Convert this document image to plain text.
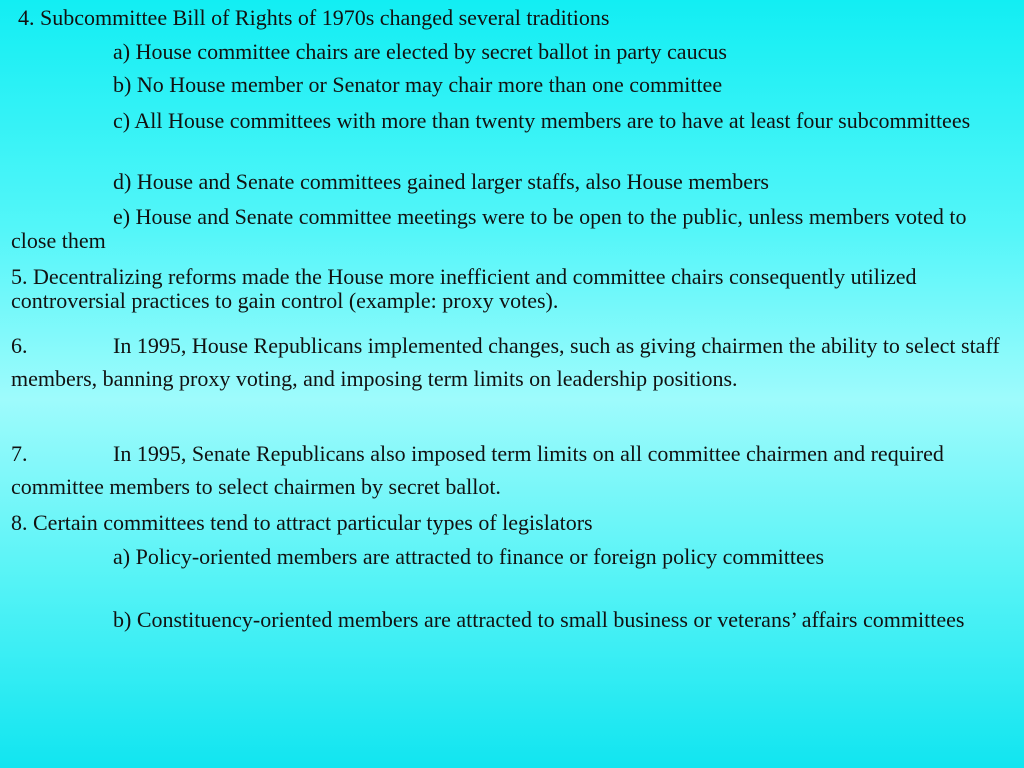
4. Subcommittee Bill of Rights of 1970s changed several traditions

a) House committee chairs are elected by secret ballot in party caucus

b) No House member or Senator may chair more than one committee

c) All House committees with more than twenty members are to have at least four subcommittees

d) House and Senate committees gained larger staffs, also House members

e) House and Senate committee meetings were to be open to the public, unless members voted to close them

5. Decentralizing reforms made the House more inefficient and committee chairs consequently utilized controversial practices to gain control (example: proxy votes).

6.	In 1995, House Republicans implemented changes, such as giving chairmen the ability to select staff members, banning proxy voting, and imposing term limits on leadership positions.

7.	In 1995, Senate Republicans also imposed term limits on all committee chairmen and required committee members to select chairmen by secret ballot.

8. Certain committees tend to attract particular types of legislators

a) Policy-oriented members are attracted to finance or foreign policy committees

b) Constituency-oriented members are attracted to small business or veterans’ affairs committees
